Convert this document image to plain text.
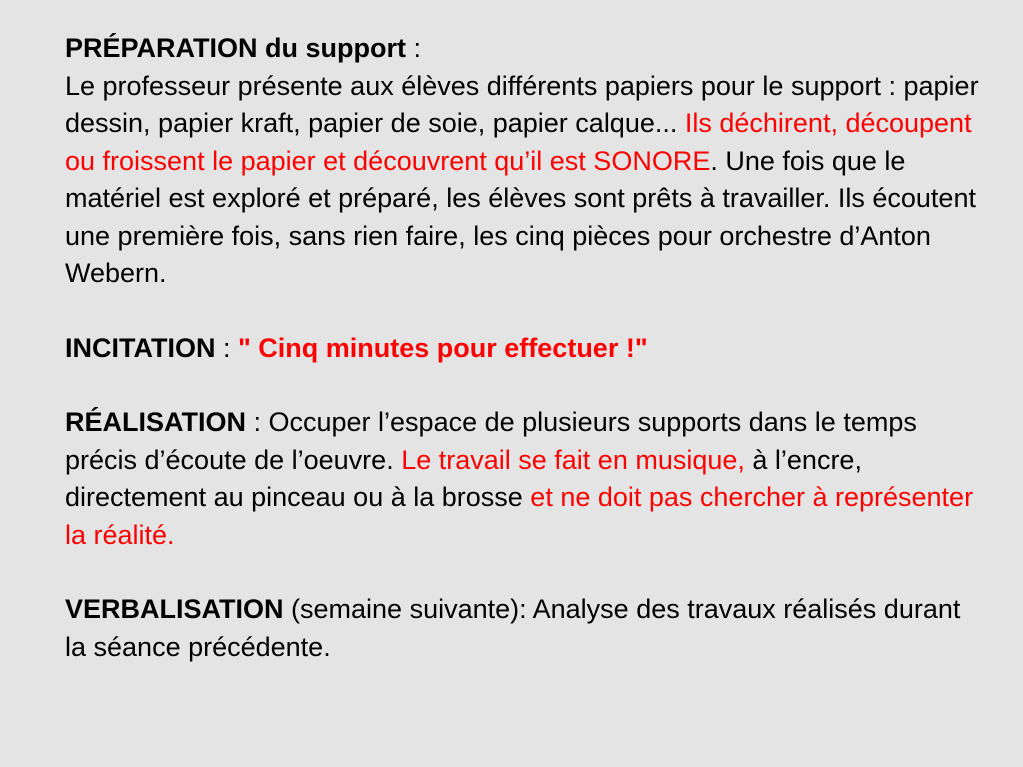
PRÉPARATION du support :

Le professeur présente aux élèves différents papiers pour le support : papier dessin, papier kraft, papier de soie, papier calque... Ils déchirent, découpent ou froissent le papier et découvrent qu’il est SONORE. Une fois que le matériel est exploré et préparé, les élèves sont prêts à travailler. Ils écoutent une première fois, sans rien faire, les cinq pièces pour orchestre d’Anton Webern.

INCITATION : " Cinq minutes pour effectuer !"

RÉALISATION : Occuper l’espace de plusieurs supports dans le temps précis d’écoute de l’oeuvre. Le travail se fait en musique, à l’encre, directement au pinceau ou à la brosse et ne doit pas chercher à représenter la réalité.

VERBALISATION (semaine suivante): Analyse des travaux réalisés durant la séance précédente.
